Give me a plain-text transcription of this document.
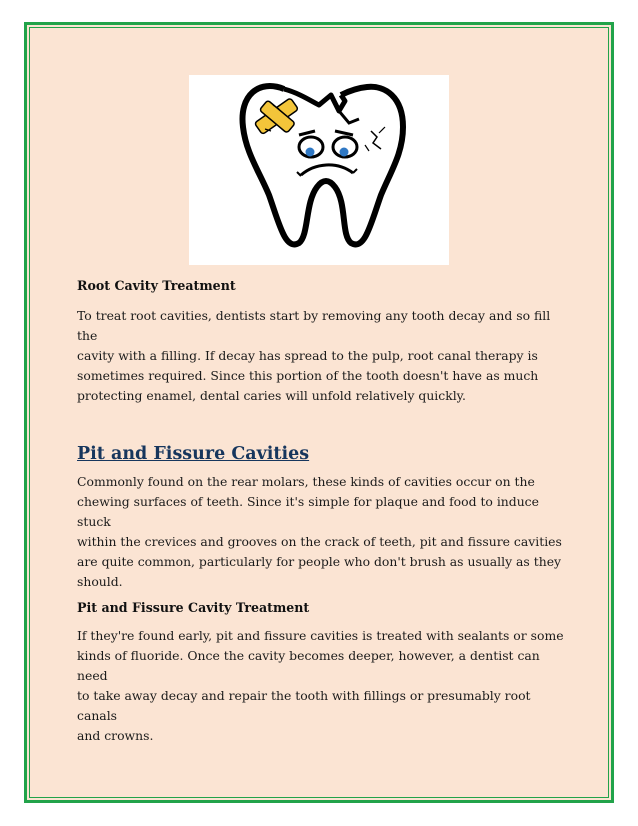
Root Cavity Treatment

To treat root cavities, dentists start by removing any tooth decay and so fill the
cavity with a filling. If decay has spread to the pulp, root canal therapy is
sometimes required. Since this portion of the tooth doesn't have as much
protecting enamel, dental caries will unfold relatively quickly.

Pit and Fissure Cavities

Commonly found on the rear molars, these kinds of cavities occur on the
chewing surfaces of teeth. Since it's simple for plaque and food to induce stuck
within the crevices and grooves on the crack of teeth, pit and fissure cavities
are quite common, particularly for people who don't brush as usually as they
should.

Pit and Fissure Cavity Treatment

If they're found early, pit and fissure cavities is treated with sealants or some
kinds of fluoride. Once the cavity becomes deeper, however, a dentist can need
to take away decay and repair the tooth with fillings or presumably root canals
and crowns.
